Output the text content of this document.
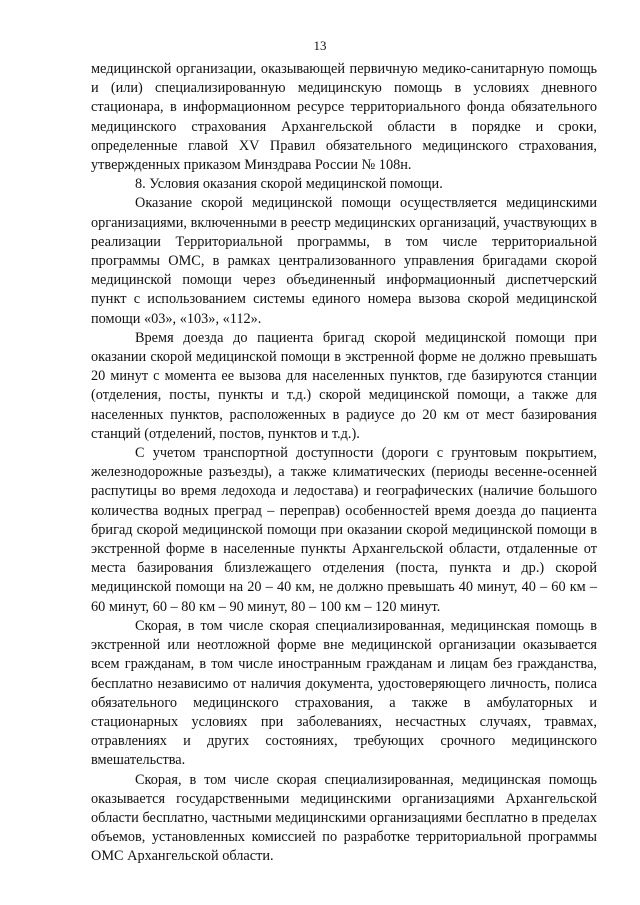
13

медицинской организации, оказывающей первичную медико-санитарную помощь и (или) специализированную медицинскую помощь в условиях дневного стационара, в информационном ресурсе территориального фонда обязательного медицинского страхования Архангельской области в порядке и сроки, определенные главой XV Правил обязательного медицинского страхования, утвержденных приказом Минздрава России № 108н.

8. Условия оказания скорой медицинской помощи.

Оказание скорой медицинской помощи осуществляется медицинскими организациями, включенными в реестр медицинских организаций, участвующих в реализации Территориальной программы, в том числе территориальной программы ОМС, в рамках централизованного управления бригадами скорой медицинской помощи через объединенный информационный диспетчерский пункт с использованием системы единого номера вызова скорой медицинской помощи «03», «103», «112».

Время доезда до пациента бригад скорой медицинской помощи при оказании скорой медицинской помощи в экстренной форме не должно превышать 20 минут с момента ее вызова для населенных пунктов, где базируются станции (отделения, посты, пункты и т.д.) скорой медицинской помощи, а также для населенных пунктов, расположенных в радиусе до 20 км от мест базирования станций (отделений, постов, пунктов и т.д.).

С учетом транспортной доступности (дороги с грунтовым покрытием, железнодорожные разъезды), а также климатических (периоды весенне-осенней распутицы во время ледохода и ледостава) и географических (наличие большого количества водных преград – переправ) особенностей время доезда до пациента бригад скорой медицинской помощи при оказании скорой медицинской помощи в экстренной форме в населенные пункты Архангельской области, отдаленные от места базирования близлежащего отделения (поста, пункта и др.) скорой медицинской помощи на 20 – 40 км, не должно превышать 40 минут, 40 – 60 км – 60 минут, 60 – 80 км – 90 минут, 80 – 100 км – 120 минут.

Скорая, в том числе скорая специализированная, медицинская помощь в экстренной или неотложной форме вне медицинской организации оказывается всем гражданам, в том числе иностранным гражданам и лицам без гражданства, бесплатно независимо от наличия документа, удостоверяющего личность, полиса обязательного медицинского страхования, а также в амбулаторных и стационарных условиях при заболеваниях, несчастных случаях, травмах, отравлениях и других состояниях, требующих срочного медицинского вмешательства.

Скорая, в том числе скорая специализированная, медицинская помощь оказывается государственными медицинскими организациями Архангельской области бесплатно, частными медицинскими организациями бесплатно в пределах объемов, установленных комиссией по разработке территориальной программы ОМС Архангельской области.
